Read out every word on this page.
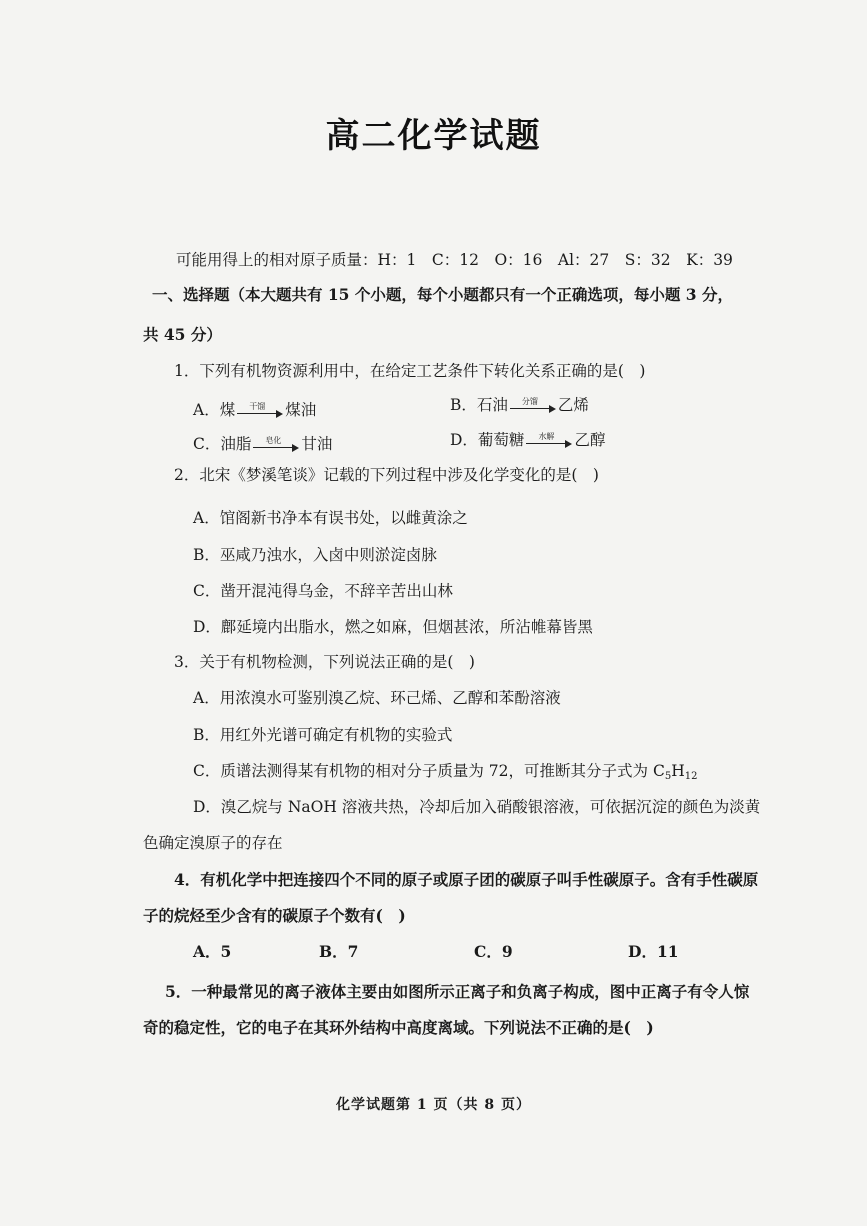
高二化学试题
可能用得上的相对原子质量：H：1　C：12　O：16　Al：27　S：32　K：39
一、选择题（本大题共有 15 个小题，每个小题都只有一个正确选项，每小题 3 分，
共 45 分）
1．下列有机物资源利用中，在给定工艺条件下转化关系正确的是(　)
A．煤	干馏	煤油	B．石油	分馏	乙烯
C．油脂	皂化	甘油	D．葡萄糖	水解	乙醇
2．北宋《梦溪笔谈》记载的下列过程中涉及化学变化的是(　)
A．馆阁新书净本有误书处，以雌黄涂之
B．巫咸乃浊水，入卤中则淤淀卤脉
C．凿开混沌得乌金，不辞辛苦出山林
D．鄜延境内出脂水，燃之如麻，但烟甚浓，所沾帷幕皆黑
3．关于有机物检测，下列说法正确的是(　)
A．用浓溴水可鉴别溴乙烷、环己烯、乙醇和苯酚溶液
B．用红外光谱可确定有机物的实验式
C．质谱法测得某有机物的相对分子质量为 72，可推断其分子式为 $C_5H_{12}$
D．溴乙烷与 NaOH 溶液共热，冷却后加入硝酸银溶液，可依据沉淀的颜色为淡黄
色确定溴原子的存在
4．有机化学中把连接四个不同的原子或原子团的碳原子叫手性碳原子。含有手性碳原
子的烷烃至少含有的碳原子个数有(　)
A．5	B．7	C．9	D．11
5．一种最常见的离子液体主要由如图所示正离子和负离子构成，图中正离子有令人惊
奇的稳定性，它的电子在其环外结构中高度离域。下列说法不正确的是(　)
化学试题第 1 页（共 8 页）
